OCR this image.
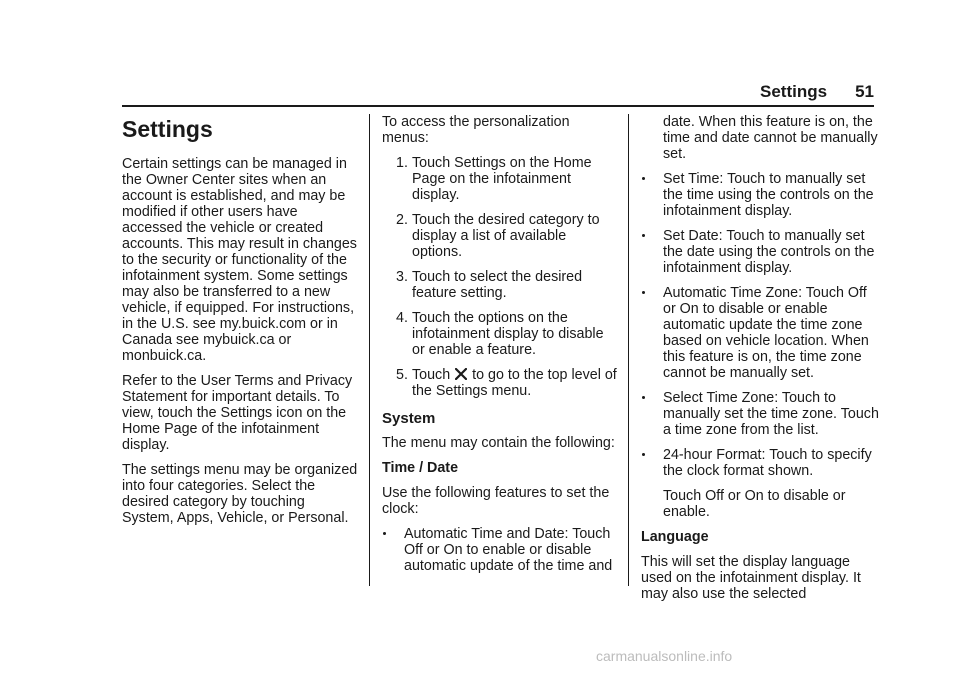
Settings 51
Settings

Certain settings can be managed in the Owner Center sites when an account is established, and may be modified if other users have accessed the vehicle or created accounts. This may result in changes to the security or functionality of the infotainment system. Some settings may also be transferred to a new vehicle, if equipped. For instructions, in the U.S. see my.buick.com or in Canada see mybuick.ca or monbuick.ca.

Refer to the User Terms and Privacy Statement for important details. To view, touch the Settings icon on the Home Page of the infotainment display.

The settings menu may be organized into four categories. Select the desired category by touching System, Apps, Vehicle, or Personal.

To access the personalization menus:

1. Touch Settings on the Home Page on the infotainment display.
2. Touch the desired category to display a list of available options.
3. Touch to select the desired feature setting.
4. Touch the options on the infotainment display to disable or enable a feature.
5. Touch to go to the top level of the Settings menu.
System

The menu may contain the following:

Time / Date

Use the following features to set the clock:

Automatic Time and Date: Touch Off or On to enable or disable automatic update of the time and
date. When this feature is on, the time and date cannot be manually set.
Set Time: Touch to manually set the time using the controls on the infotainment display.
Set Date: Touch to manually set the date using the controls on the infotainment display.
Automatic Time Zone: Touch Off or On to disable or enable automatic update the time zone based on vehicle location. When this feature is on, the time zone cannot be manually set.
Select Time Zone: Touch to manually set the time zone. Touch a time zone from the list.
24-hour Format: Touch to specify the clock format shown.
Touch Off or On to disable or enable.

Language

This will set the display language used on the infotainment display. It may also use the selected

carmanualsonline.info
